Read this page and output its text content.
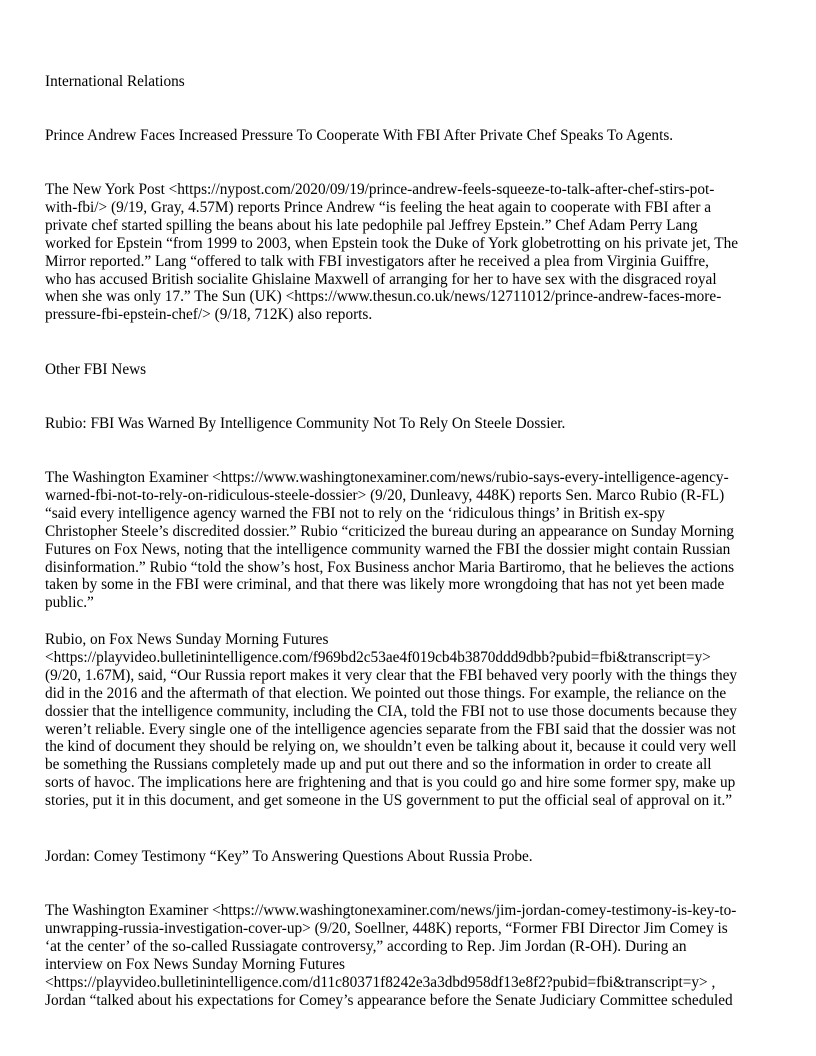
International Relations

Prince Andrew Faces Increased Pressure To Cooperate With FBI After Private Chef Speaks To Agents.

The New York Post <https://nypost.com/2020/09/19/prince-andrew-feels-squeeze-to-talk-after-chef-stirs-pot-
with-fbi/> (9/19, Gray, 4.57M) reports Prince Andrew “is feeling the heat again to cooperate with FBI after a
private chef started spilling the beans about his late pedophile pal Jeffrey Epstein.” Chef Adam Perry Lang
worked for Epstein “from 1999 to 2003, when Epstein took the Duke of York globetrotting on his private jet, The
Mirror reported.” Lang “offered to talk with FBI investigators after he received a plea from Virginia Guiffre,
who has accused British socialite Ghislaine Maxwell of arranging for her to have sex with the disgraced royal
when she was only 17.” The Sun (UK) <https://www.thesun.co.uk/news/12711012/prince-andrew-faces-more-
pressure-fbi-epstein-chef/> (9/18, 712K) also reports.

Other FBI News

Rubio: FBI Was Warned By Intelligence Community Not To Rely On Steele Dossier.

The Washington Examiner <https://www.washingtonexaminer.com/news/rubio-says-every-intelligence-agency-
warned-fbi-not-to-rely-on-ridiculous-steele-dossier> (9/20, Dunleavy, 448K) reports Sen. Marco Rubio (R-FL)
“said every intelligence agency warned the FBI not to rely on the ‘ridiculous things’ in British ex-spy
Christopher Steele’s discredited dossier.” Rubio “criticized the bureau during an appearance on Sunday Morning
Futures on Fox News, noting that the intelligence community warned the FBI the dossier might contain Russian
disinformation.” Rubio “told the show’s host, Fox Business anchor Maria Bartiromo, that he believes the actions
taken by some in the FBI were criminal, and that there was likely more wrongdoing that has not yet been made
public.”
Rubio, on Fox News Sunday Morning Futures
<https://playvideo.bulletinintelligence.com/f969bd2c53ae4f019cb4b3870ddd9dbb?pubid=fbi&transcript=y>
(9/20, 1.67M), said, “Our Russia report makes it very clear that the FBI behaved very poorly with the things they
did in the 2016 and the aftermath of that election. We pointed out those things. For example, the reliance on the
dossier that the intelligence community, including the CIA, told the FBI not to use those documents because they
weren’t reliable. Every single one of the intelligence agencies separate from the FBI said that the dossier was not
the kind of document they should be relying on, we shouldn’t even be talking about it, because it could very well
be something the Russians completely made up and put out there and so the information in order to create all
sorts of havoc. The implications here are frightening and that is you could go and hire some former spy, make up
stories, put it in this document, and get someone in the US government to put the official seal of approval on it.”

Jordan: Comey Testimony “Key” To Answering Questions About Russia Probe.

The Washington Examiner <https://www.washingtonexaminer.com/news/jim-jordan-comey-testimony-is-key-to-
unwrapping-russia-investigation-cover-up> (9/20, Soellner, 448K) reports, “Former FBI Director Jim Comey is
‘at the center’ of the so-called Russiagate controversy,” according to Rep. Jim Jordan (R-OH). During an
interview on Fox News Sunday Morning Futures
<https://playvideo.bulletinintelligence.com/d11c80371f8242e3a3dbd958df13e8f2?pubid=fbi&transcript=y> ,
Jordan “talked about his expectations for Comey’s appearance before the Senate Judiciary Committee scheduled
